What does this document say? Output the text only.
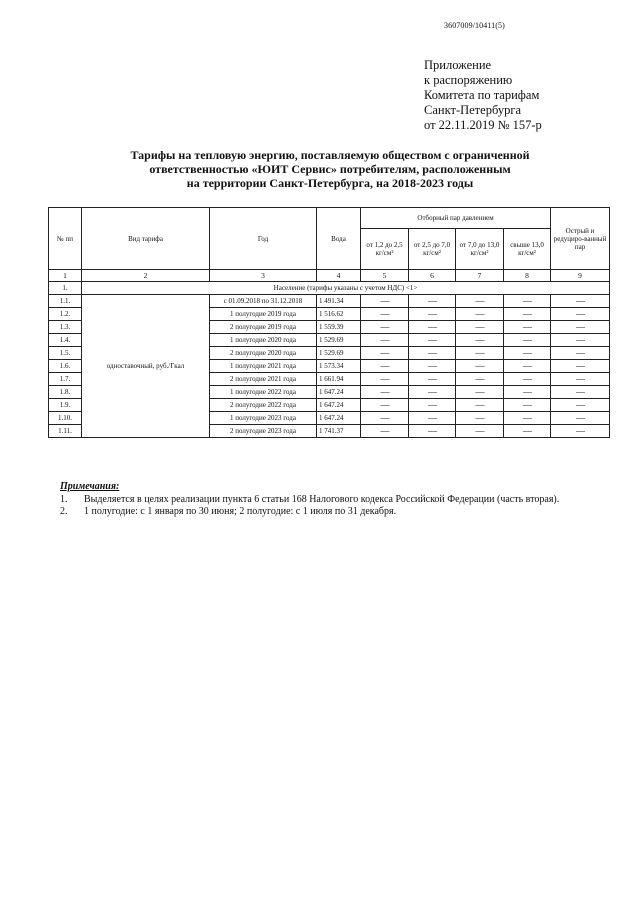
3607009/10411(5)
Приложение
к распоряжению
Комитета по тарифам
Санкт-Петербурга
от 22.11.2019 № 157-р
Тарифы на тепловую энергию, поставляемую обществом с ограниченной
ответственностью «ЮИТ Сервис» потребителям, расположенным
на территории Санкт-Петербурга, на 2018-2023 годы
№ пп	Вид тарифа	Год	Вода	Отборный пар давлением				Острый и редуциро-ванный пар
				от 1,2 до 2,5 кг/см²	от 2,5 до 7,0 кг/см²	от 7,0 до 13,0 кг/см²	свыше 13,0 кг/см²	
1	2	3	4	5	6	7	8	9
1.	Население (тарифы указаны с учетом НДС) <1>							
1.1.	одноставочный, руб./Гкал	с 01.09.2018 по 31.12.2018	1 491.34	—	—	—	—	—
1.2.		1 полугодие 2019 года	1 516.62	—	—	—	—	—
1.3.		2 полугодие 2019 года	1 559.39	—	—	—	—	—
1.4.		1 полугодие 2020 года	1 529.69	—	—	—	—	—
1.5.		2 полугодие 2020 года	1 529.69	—	—	—	—	—
1.6.		1 полугодие 2021 года	1 573.34	—	—	—	—	—
1.7.		2 полугодие 2021 года	1 661.94	—	—	—	—	—
1.8.		1 полугодие 2022 года	1 647.24	—	—	—	—	—
1.9.		2 полугодие 2022 года	1 647.24	—	—	—	—	—
1.10.		1 полугодие 2023 года	1 647.24	—	—	—	—	—
1.11.		2 полугодие 2023 года	1 741.37	—	—	—	—	—
Примечания:
1. Выделяется в целях реализации пункта 6 статьи 168 Налогового кодекса Российской Федерации (часть вторая).
2. 1 полугодие: с 1 января по 30 июня; 2 полугодие: с 1 июля по 31 декабря.
